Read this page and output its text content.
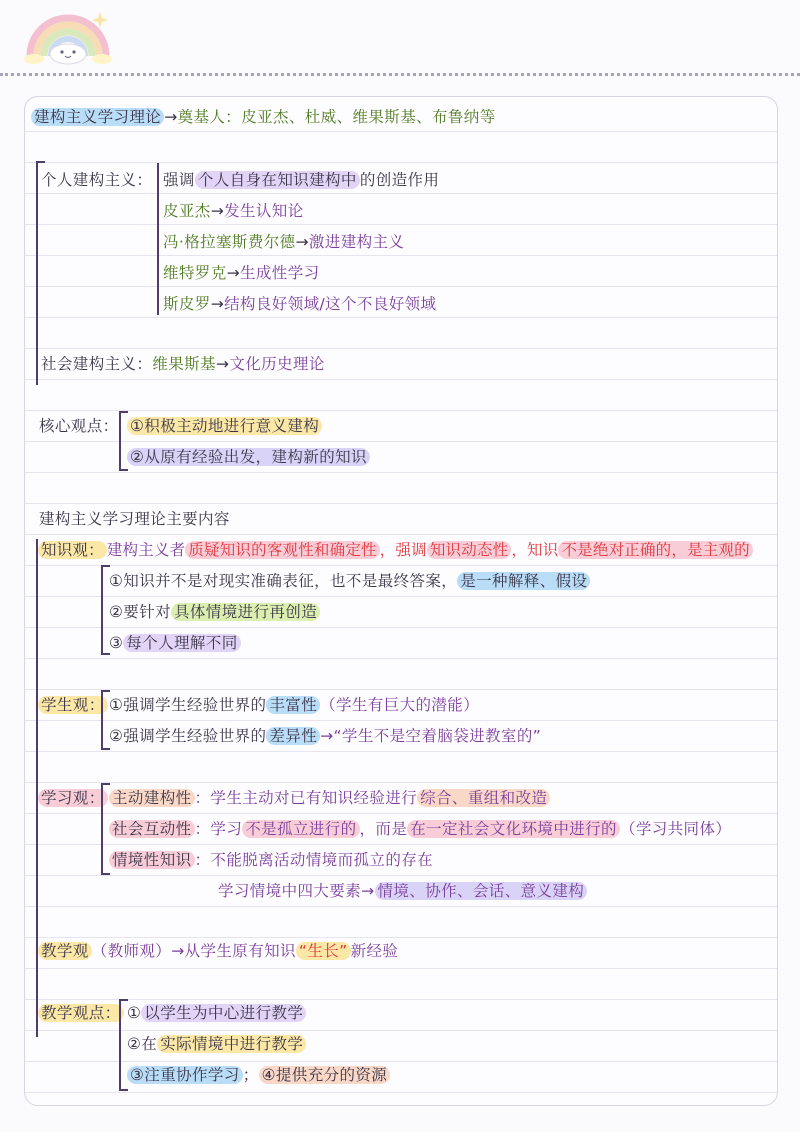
建构主义学习理论 →奠基人：皮亚杰、杜威、维果斯基、布鲁纳等
个人建构主义： 强调 个人自身在知识建构中 的创造作用
皮亚杰→发生认知论
冯·格拉塞斯费尔德→激进建构主义
维特罗克→生成性学习
斯皮罗→结构良好领域/这个不良好领域
社会建构主义：维果斯基→文化历史理论
核心观点： ①积极主动地进行意义建构
②从原有经验出发，建构新的知识
建构主义学习理论主要内容
知识观： 建构主义者 质疑知识的客观性和确定性 ，强调 知识动态性 ，知识 不是绝对正确的，是主观的
①知识并不是对现实准确表征，也不是最终答案， 是一种解释、假设
②要针对 具体情境进行再创造
③ 每个人理解不同
学生观： ①强调学生经验世界的 丰富性 （学生有巨大的潜能）
②强调学生经验世界的 差异性 →“学生不是空着脑袋进教室的”
学习观： 主动建构性 ：学生主动对已有知识经验进行 综合、重组和改造
社会互动性 ：学习 不是孤立进行的 ，而是 在一定社会文化环境中进行的 （学习共同体）
情境性知识 ：不能脱离活动情境而孤立的存在
学习情境中四大要素→ 情境、协作、会话、意义建构
教学观 （教师观）→从学生原有知识 “生长” 新经验
教学观点： ① 以学生为中心进行教学
②在 实际情境中进行教学
③注重协作学习 ； ④提供充分的资源
